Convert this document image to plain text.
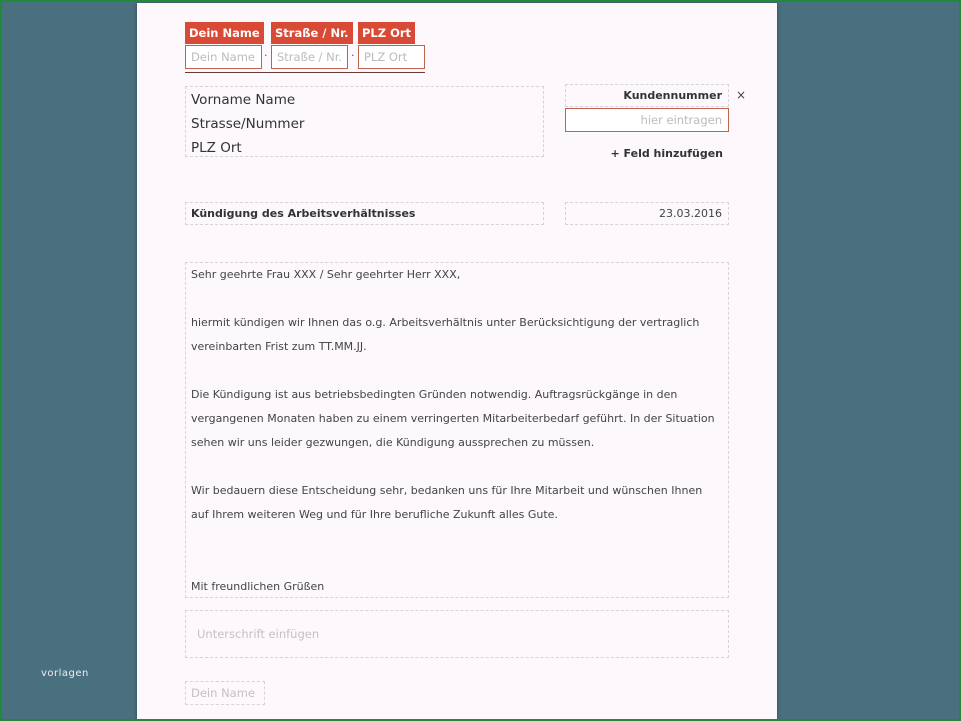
vorlagen
Dein Name	Straße / Nr.	PLZ Ort
Dein Name · Straße / Nr. · PLZ Ort
Vorname Name
Strasse/Nummer
PLZ Ort
Kundennummer	×
hier eintragen
+ Feld hinzufügen
Kündigung des Arbeitsverhältnisses	23.03.2016

Sehr geehrte Frau XXX / Sehr geehrter Herr XXX,

hiermit kündigen wir Ihnen das o.g. Arbeitsverhältnis unter Berücksichtigung der vertraglich

vereinbarten Frist zum TT.MM.JJ.

Die Kündigung ist aus betriebsbedingten Gründen notwendig. Auftragsrückgänge in den

vergangenen Monaten haben zu einem verringerten Mitarbeiterbedarf geführt. In der Situation

sehen wir uns leider gezwungen, die Kündigung aussprechen zu müssen.

Wir bedauern diese Entscheidung sehr, bedanken uns für Ihre Mitarbeit und wünschen Ihnen

auf Ihrem weiteren Weg und für Ihre berufliche Zukunft alles Gute.

Mit freundlichen Grüßen

Unterschrift einfügen
Dein Name
